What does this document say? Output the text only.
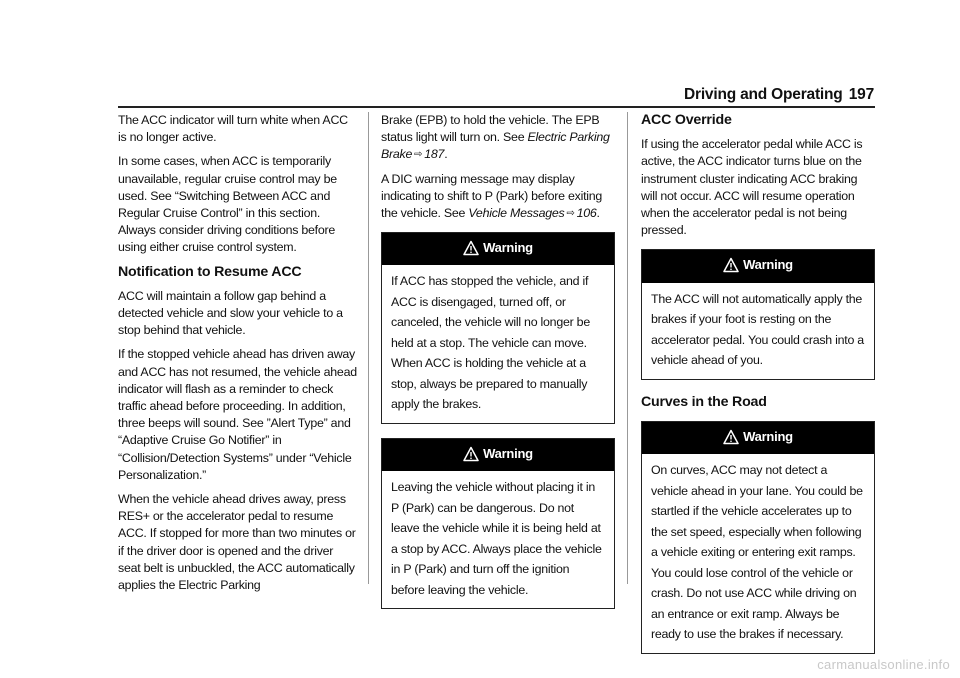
Driving and Operating 197

The ACC indicator will turn white when ACC is no longer active.

In some cases, when ACC is temporarily unavailable, regular cruise control may be used. See “Switching Between ACC and Regular Cruise Control” in this section. Always consider driving conditions before using either cruise control system.

Notification to Resume ACC

ACC will maintain a follow gap behind a detected vehicle and slow your vehicle to a stop behind that vehicle.

If the stopped vehicle ahead has driven away and ACC has not resumed, the vehicle ahead indicator will flash as a reminder to check traffic ahead before proceeding. In addition, three beeps will sound. See ”Alert Type” and “Adaptive Cruise Go Notifier” in “Collision/Detection Systems” under “Vehicle Personalization.”

When the vehicle ahead drives away, press RES+ or the accelerator pedal to resume ACC. If stopped for more than two minutes or if the driver door is opened and the driver seat belt is unbuckled, the ACC automatically applies the Electric Parking

Brake (EPB) to hold the vehicle. The EPB status light will turn on. See Electric Parking Brake ⇨ 187.

A DIC warning message may display indicating to shift to P (Park) before exiting the vehicle. See Vehicle Messages ⇨ 106.

Warning
If ACC has stopped the vehicle, and if ACC is disengaged, turned off, or canceled, the vehicle will no longer be held at a stop. The vehicle can move. When ACC is holding the vehicle at a stop, always be prepared to manually apply the brakes.
Warning
Leaving the vehicle without placing it in P (Park) can be dangerous. Do not leave the vehicle while it is being held at a stop by ACC. Always place the vehicle in P (Park) and turn off the ignition before leaving the vehicle.
ACC Override

If using the accelerator pedal while ACC is active, the ACC indicator turns blue on the instrument cluster indicating ACC braking will not occur. ACC will resume operation when the accelerator pedal is not being pressed.

Warning
The ACC will not automatically apply the brakes if your foot is resting on the accelerator pedal. You could crash into a vehicle ahead of you.
Curves in the Road
Warning
On curves, ACC may not detect a vehicle ahead in your lane. You could be startled if the vehicle accelerates up to the set speed, especially when following a vehicle exiting or entering exit ramps. You could lose control of the vehicle or crash. Do not use ACC while driving on an entrance or exit ramp. Always be ready to use the brakes if necessary.
carmanualsonline.info
